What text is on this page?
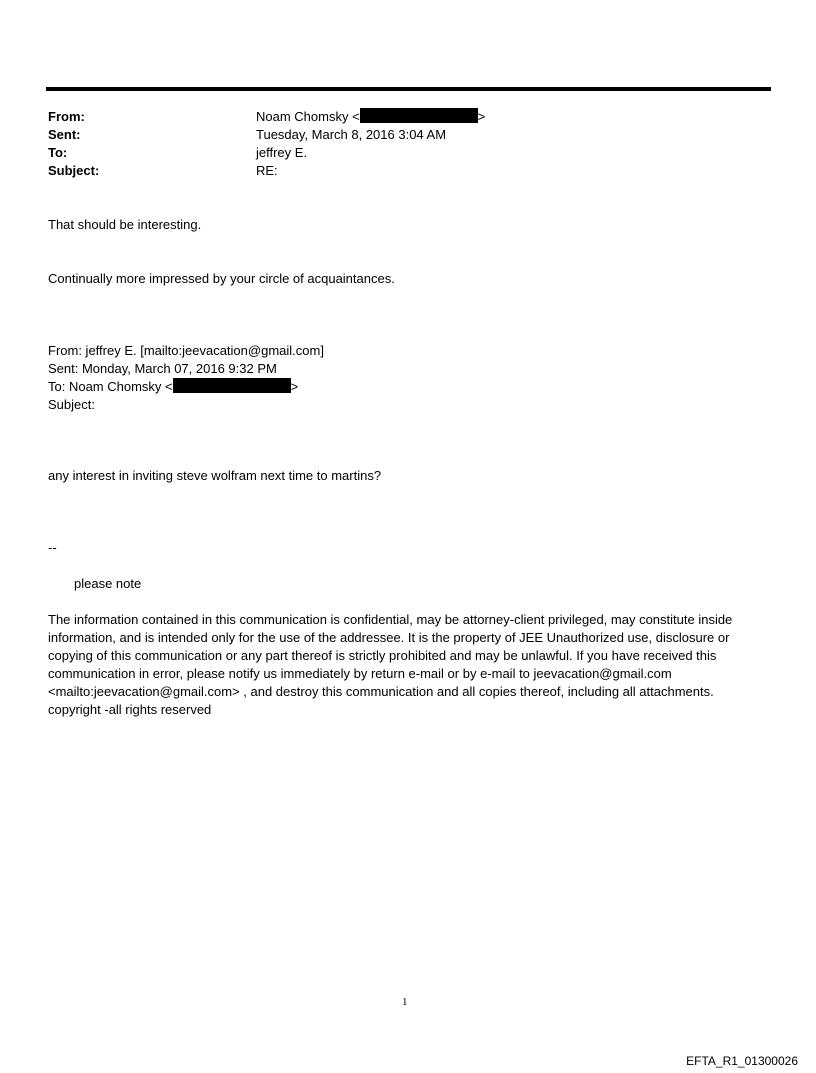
From:	Noam Chomsky <	>
Sent:	Tuesday, March 8, 2016 3:04 AM
To:	jeffrey E.
Subject:	RE:
That should be interesting.
Continually more impressed by your circle of acquaintances.
From: jeffrey E. [mailto:jeevacation@gmail.com]
Sent: Monday, March 07, 2016 9:32 PM
To: Noam Chomsky <	>
Subject:
any interest in inviting steve wolfram next time to martins?
--
please note
The information contained in this communication is confidential, may be attorney-client privileged, may constitute inside information, and is intended only for the use of the addressee. It is the property of JEE Unauthorized use, disclosure or copying of this communication or any part thereof is strictly prohibited and may be unlawful. If you have received this communication in error, please notify us immediately by return e-mail or by e-mail to jeevacation@gmail.com <mailto:jeevacation@gmail.com> , and destroy this communication and all copies thereof, including all attachments. copyright -all rights reserved
1
EFTA_R1_01300026
